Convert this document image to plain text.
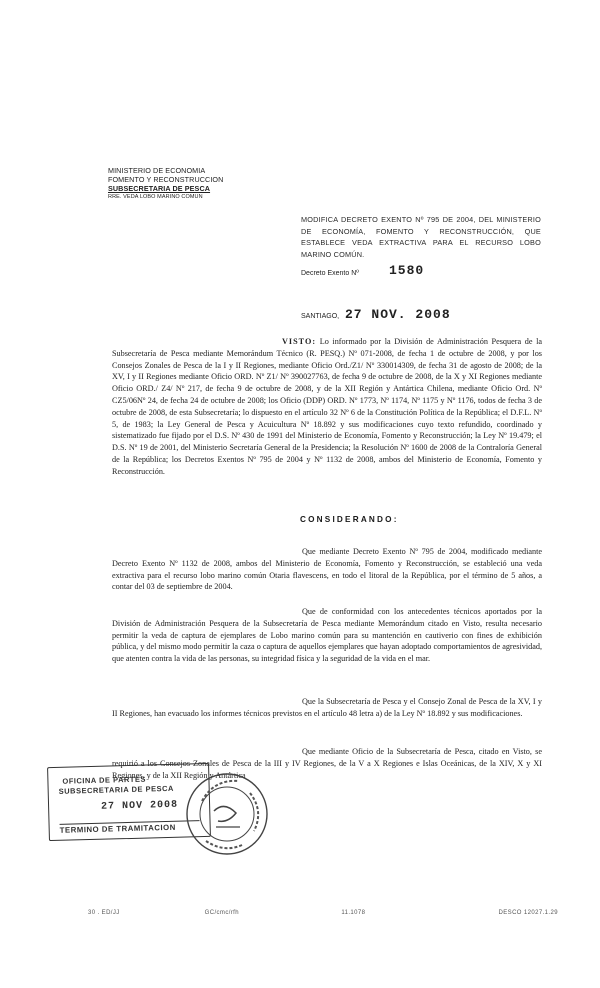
MINISTERIO DE ECONOMIA
FOMENTO Y RECONSTRUCCION
SUBSECRETARIA DE PESCA
RRE. VEDA LOBO MARINO COMUN
MODIFICA DECRETO EXENTO Nº 795 DE 2004, DEL MINISTERIO DE ECONOMÍA, FOMENTO Y RECONSTRUCCIÓN, QUE ESTABLECE VEDA EXTRACTIVA PARA EL RECURSO LOBO MARINO COMÚN.
Decreto Exento Nº 1580
SANTIAGO, 27 NOV. 2008
VISTO: Lo informado por la División de Administración Pesquera de la Subsecretaría de Pesca mediante Memorándum Técnico (R. PESQ.) Nº 071-2008, de fecha 1 de octubre de 2008, y por los Consejos Zonales de Pesca de la I y II Regiones, mediante Oficio Ord./Z1/ Nº 330014309, de fecha 31 de agosto de 2008; de la XV, I y II Regiones mediante Oficio ORD. Nº Z1/ Nº 390027763, de fecha 9 de octubre de 2008, de la X y XI Regiones mediante Oficio ORD./ Z4/ Nº 217, de fecha 9 de octubre de 2008, y de la XII Región y Antártica Chilena, mediante Oficio Ord. Nº CZ5/06Nº 24, de fecha 24 de octubre de 2008; los Oficio (DDP) ORD. Nº 1773, Nº 1174, Nº 1175 y Nº 1176, todos de fecha 3 de octubre de 2008, de esta Subsecretaría; lo dispuesto en el artículo 32 Nº 6 de la Constitución Política de la República; el D.F.L. Nº 5, de 1983; la Ley General de Pesca y Acuicultura Nº 18.892 y sus modificaciones cuyo texto refundido, coordinado y sistematizado fue fijado por el D.S. Nº 430 de 1991 del Ministerio de Economía, Fomento y Reconstrucción; la Ley Nº 19.479; el D.S. Nº 19 de 2001, del Ministerio Secretaría General de la Presidencia; la Resolución Nº 1600 de 2008 de la Contraloría General de la República; los Decretos Exentos Nº 795 de 2004 y Nº 1132 de 2008, ambos del Ministerio de Economía, Fomento y Reconstrucción.
CONSIDERANDO:
Que mediante Decreto Exento Nº 795 de 2004, modificado mediante Decreto Exento Nº 1132 de 2008, ambos del Ministerio de Economía, Fomento y Reconstrucción, se estableció una veda extractiva para el recurso lobo marino común Otaria flavescens, en todo el litoral de la República, por el término de 5 años, a contar del 03 de septiembre de 2004.
Que de conformidad con los antecedentes técnicos aportados por la División de Administración Pesquera de la Subsecretaría de Pesca mediante Memorándum citado en Visto, resulta necesario permitir la veda de captura de ejemplares de Lobo marino común para su mantención en cautiverio con fines de exhibición pública, y del mismo modo permitir la caza o captura de aquellos ejemplares que hayan adoptado comportamientos de agresividad, que atenten contra la vida de las personas, su integridad física y la seguridad de la vida en el mar.
Que la Subsecretaría de Pesca y el Consejo Zonal de Pesca de la XV, I y II Regiones, han evacuado los informes técnicos previstos en el artículo 48 letra a) de la Ley Nº 18.892 y sus modificaciones.
Que mediante Oficio de la Subsecretaría de Pesca, citado en Visto, se requirió a los Consejos Zonales de Pesca de la III y IV Regiones, de la V a X Regiones e Islas Oceánicas, de la XIV, X y XI Regiones, y de la XII Región y Antártica
OFICINA DE PARTES
SUBSECRETARIA DE PESCA
27 NOV 2008
TERMINO DE TRAMITACION
30 . ED/JJ	GC/cmc/rfh	11.1078	DESCO 12027.1.29
